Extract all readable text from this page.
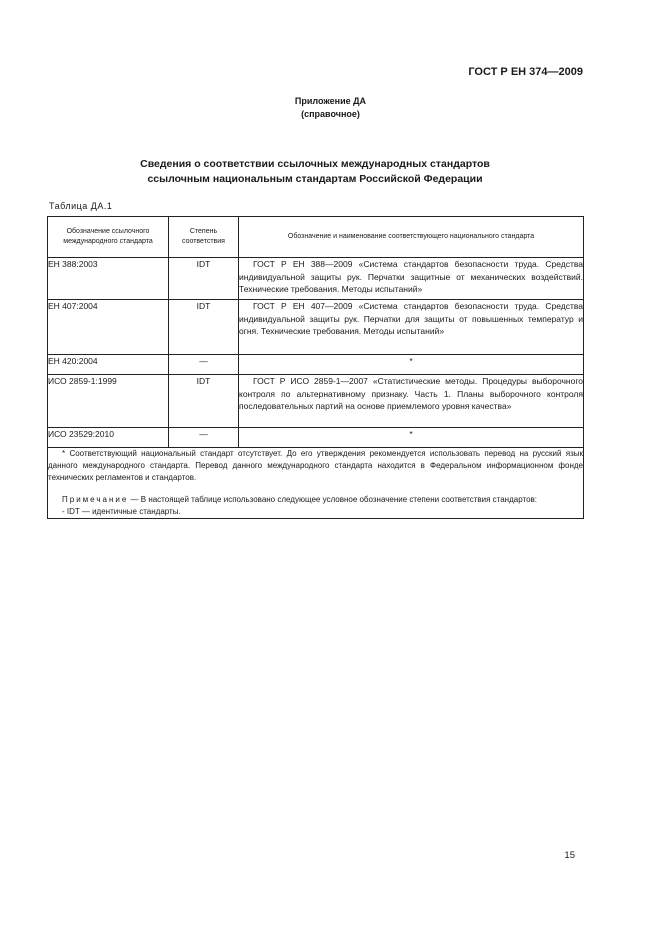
ГОСТ Р ЕН 374—2009
Приложение ДА
(справочное)
Сведения о соответствии ссылочных международных стандартов
ссылочным национальным стандартам Российской Федерации
Таблица ДА.1
Обозначение ссылочного международного стандарта	Степень соответствия	Обозначение и наименование соответствующего национального стандарта
ЕН 388:2003	IDT	ГОСТ Р ЕН 388—2009 «Система стандартов безопасности труда. Средства индивидуальной защиты рук. Перчатки защитные от механических воздействий. Технические требования. Методы испытаний»

ЕН 407:2004	IDT	ГОСТ Р ЕН 407—2009 «Система стандартов безопасности труда. Средства индивидуальной защиты рук. Перчатки для защиты от повышенных температур и огня. Технические требования. Методы испытаний»

ЕН 420:2004	—	*
ИСО 2859-1:1999	IDT	ГОСТ Р ИСО 2859-1—2007 «Статистические методы. Процедуры выборочного контроля по альтернативному признаку. Часть 1. Планы выборочного контроля последовательных партий на основе приемлемого уровня качества»

ИСО 23529:2010	—	*

* Соответствующий национальный стандарт отсутствует. До его утверждения рекомендуется использовать перевод на русский язык данного международного стандарта. Перевод данного международного стандарта находится в Федеральном информационном фонде технических регламентов и стандартов.
Примечание — В настоящей таблице использовано следующее условное обозначение степени соответствия стандартов:
- IDT — идентичные стандарты.		
15
